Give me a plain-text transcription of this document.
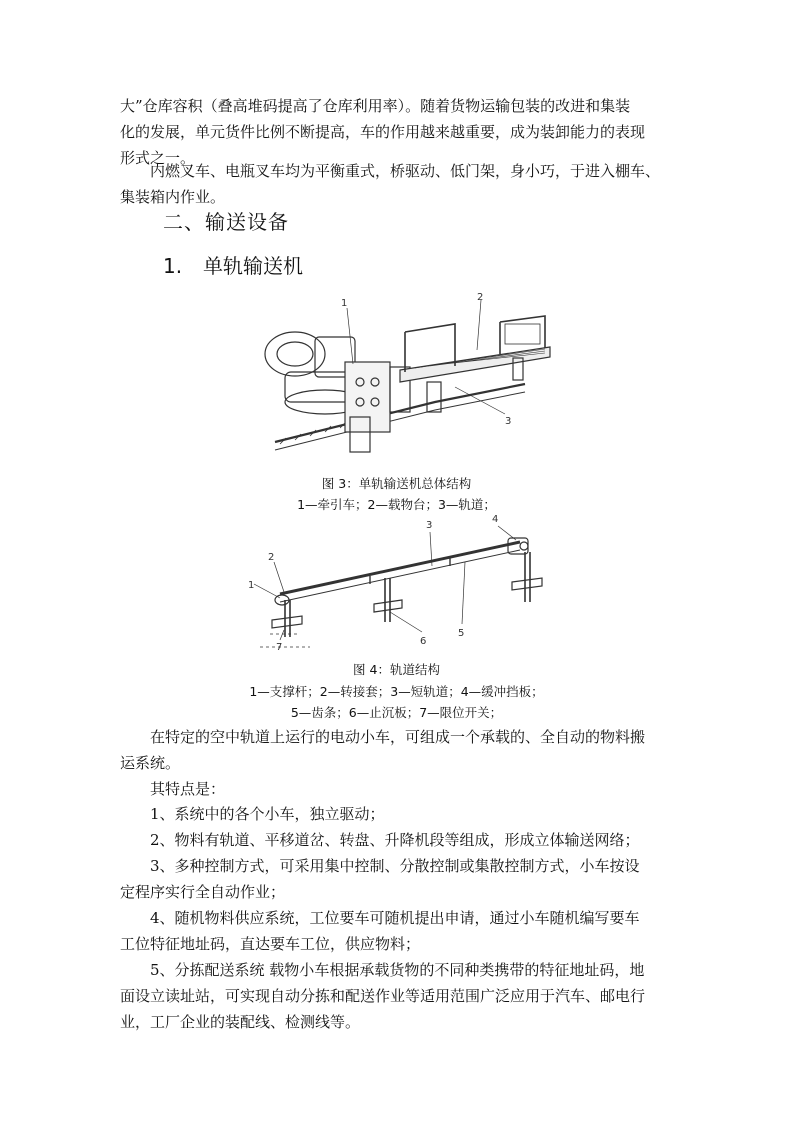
大”仓库容积（叠高堆码提高了仓库利用率）。随着货物运输包装的改进和集装
化的发展，单元货件比例不断提高，车的作用越来越重要，成为装卸能力的表现
形式之一。
内燃叉车、电瓶叉车均为平衡重式，桥驱动、低门架，身小巧，于进入棚车、
集装箱内作业。
二、输送设备
1. 单轨输送机
1
2
3
图 3：单轨输送机总体结构
1—牵引车；2—载物台；3—轨道；
1
2
3
4
5
6
7
图 4：轨道结构
1—支撑杆；2—转接套；3—短轨道；4—缓冲挡板；
5—齿条；6—止沉板；7—限位开关；
在特定的空中轨道上运行的电动小车，可组成一个承载的、全自动的物料搬
运系统。
其特点是：
1、系统中的各个小车，独立驱动；
2、物料有轨道、平移道岔、转盘、升降机段等组成，形成立体输送网络；
3、多种控制方式，可采用集中控制、分散控制或集散控制方式，小车按设
定程序实行全自动作业；
4、随机物料供应系统，工位要车可随机提出申请，通过小车随机编写要车
工位特征地址码，直达要车工位，供应物料；
5、分拣配送系统 载物小车根据承载货物的不同种类携带的特征地址码，地
面设立读址站，可实现自动分拣和配送作业等适用范围广泛应用于汽车、邮电行
业，工厂企业的装配线、检测线等。
